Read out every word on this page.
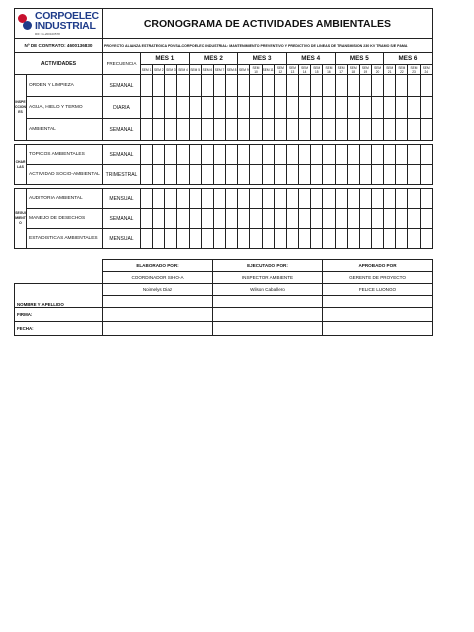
CORPOELEC
INDUSTRIAL
RIF: G-200100578		CRONOGRAMA DE ACTIVIDADES AMBIENTALES																								
Nº DE CONTRATO: 4600136830		PROYECTO ALIANZA ESTRATEGICA PDVSA-CORPOELEC INDUSTRIAL: MANTENIMIENTO PREVENTIVO Y PREDICTIVO DE LINEAS DE TRANSMISION 230 KV TRAMO S/E PAMA																								
ACTIVIDADES		FRECUENCIA	MES 1				MES 2				MES 3				MES 4				MES 5				MES 6			
			SEM 1	SEM 2	SEM 3	SEM 4	SEM 5	SEM 6	SEM 7	SEM 8	SEM 9	SEM 10	SEM 11	SEM 12	SEM 13	SEM 14	SEM 15	SEM 16	SEM 17	SEM 18	SEM 19	SEM 20	SEM 21	SEM 22	SEM 23	SEM 24
INSPECCIONES	ORDEN Y LIMPIEZA	SEMANAL																								
	AGUA, HIELO Y TERMO	DIARIA																								
	AMBIENTAL	SEMANAL																								

CHARLAS	TOPICOS AMBIENTALES	SEMANAL																								
	ACTIVIDAD SOCIO-AMBIENTAL	TRIMESTRAL																								

SEGUIMIENTO	AUDITORIA AMBIENTAL	MENSUAL																								
	MANEJO DE DESECHOS	SEMANAL																								
	ESTADISTICAS AMBIENTALES	MENSUAL																								
	ELABORADO POR:	EJECUTADO POR:	APROBADO POR
	COORDINADOR SIHO-A	INSPECTOR AMBIENTE	GERENTE DE PROYECTO
NOMBRE Y APELLIDO	Noimelys Diaz	Wilson Caballero	FELICE LUONGO

FIRMA:			
FECHA:			
